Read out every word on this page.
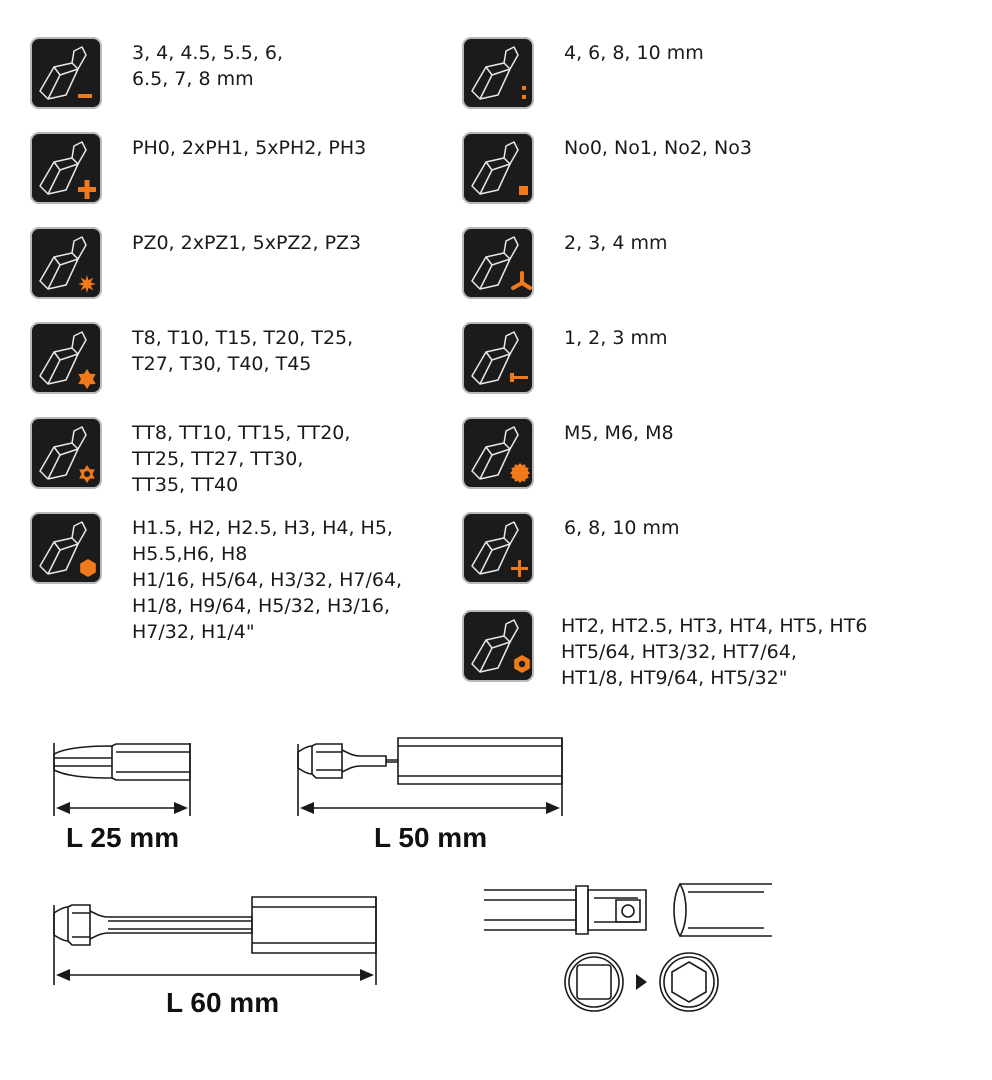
3, 4, 4.5, 5.5, 6,
6.5, 7, 8 mm
PH0, 2xPH1, 5xPH2, PH3
PZ0, 2xPZ1, 5xPZ2, PZ3
T8, T10, T15, T20, T25,
T27, T30, T40, T45
TT8, TT10, TT15, TT20,
TT25, TT27, TT30,
TT35, TT40
H1.5, H2, H2.5, H3, H4, H5,
H5.5,H6, H8
H1/16, H5/64, H3/32, H7/64,
H1/8, H9/64, H5/32, H3/16,
H7/32, H1/4"
4, 6, 8, 10 mm
No0, No1, No2, No3
2, 3, 4 mm
1, 2, 3 mm
M5, M6, M8
6, 8, 10 mm
HT2, HT2.5, HT3, HT4, HT5, HT6
HT5/64, HT3/32, HT7/64,
HT1/8, HT9/64, HT5/32"
L 25 mm	L 50 mm
L 60 mm
